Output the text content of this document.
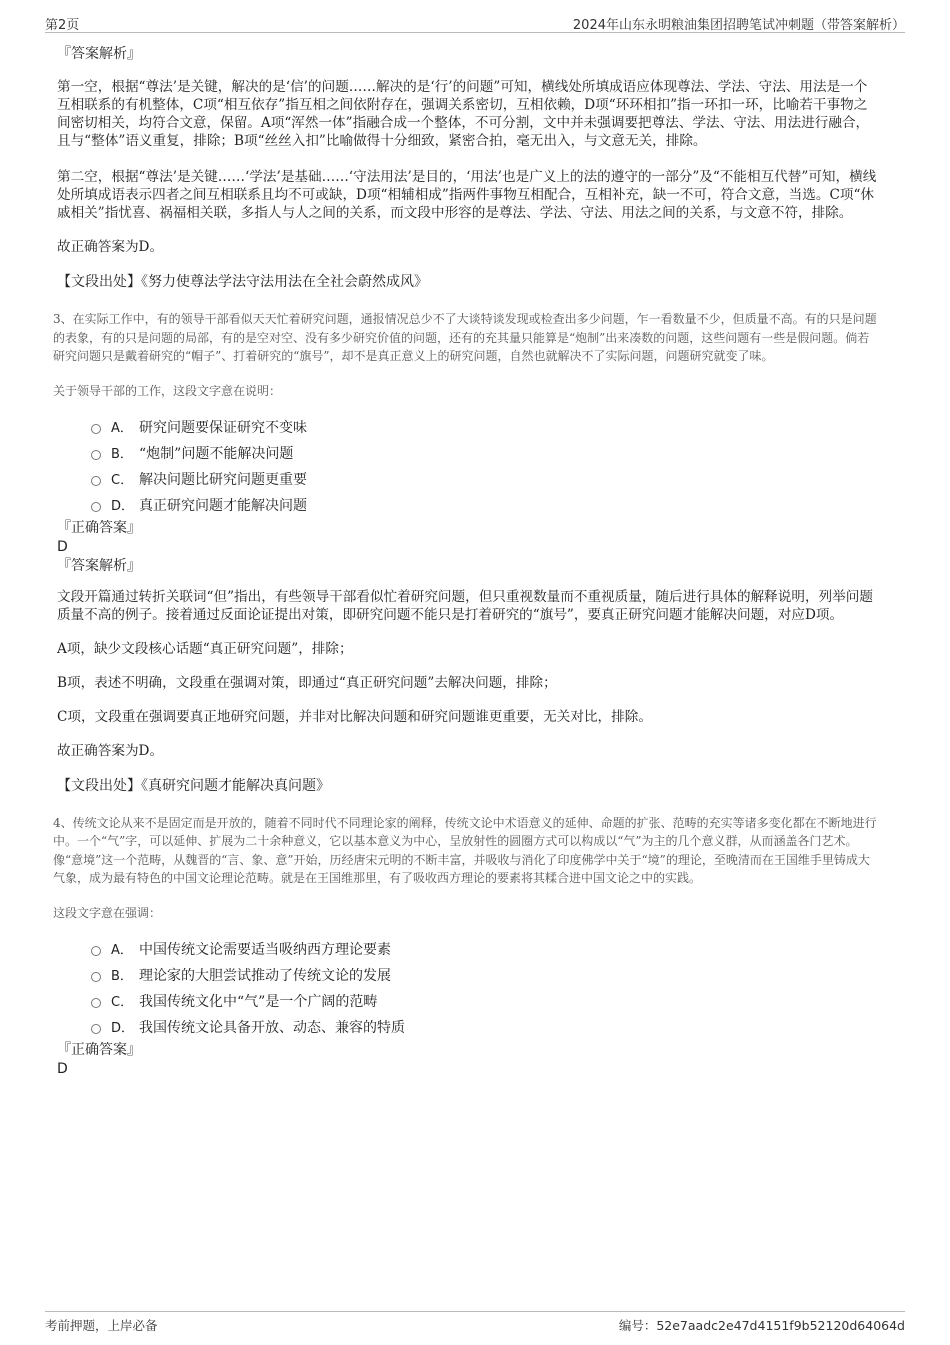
第2页	2024年山东永明粮油集团招聘笔试冲刺题（带答案解析）

『答案解析』

第一空，根据“尊法’是关键，解决的是‘信’的问题……解决的是‘行’的问题”可知，横线处所填成语应体现尊法、学法、守法、用法是一个互相联系的有机整体，C项“相互依存”指互相之间依附存在，强调关系密切，互相依赖，D项“环环相扣”指一环扣一环，比喻若干事物之间密切相关，均符合文意，保留。A项“浑然一体”指融合成一个整体，不可分割，文中并未强调要把尊法、学法、守法、用法进行融合，且与“整体”语义重复，排除；B项“丝丝入扣”比喻做得十分细致，紧密合拍，毫无出入，与文意无关，排除。

第二空，根据“尊法’是关键……‘学法’是基础……‘守法用法’是目的，‘用法’也是广义上的法的遵守的一部分”及“不能相互代替”可知，横线处所填成语表示四者之间互相联系且均不可或缺，D项“相辅相成”指两件事物互相配合，互相补充，缺一不可，符合文意，当选。C项“休戚相关”指忧喜、祸福相关联，多指人与人之间的关系，而文段中形容的是尊法、学法、守法、用法之间的关系，与文意不符，排除。

故正确答案为D。

【文段出处】《努力使尊法学法守法用法在全社会蔚然成风》

3、在实际工作中，有的领导干部看似天天忙着研究问题，通报情况总少不了大谈特谈发现或检查出多少问题，乍一看数量不少，但质量不高。有的只是问题的表象，有的只是问题的局部，有的是空对空、没有多少研究价值的问题，还有的充其量只能算是“炮制”出来凑数的问题，这些问题有一些是假问题。倘若研究问题只是戴着研究的“帽子”、打着研究的“旗号”，却不是真正意义上的研究问题，自然也就解决不了实际问题，问题研究就变了味。

关于领导干部的工作，这段文字意在说明：

A． 研究问题要保证研究不变味
B． “炮制”问题不能解决问题
C． 解决问题比研究问题更重要
D． 真正研究问题才能解决问题

『正确答案』

D

『答案解析』

文段开篇通过转折关联词“但”指出，有些领导干部看似忙着研究问题，但只重视数量而不重视质量，随后进行具体的解释说明，列举问题质量不高的例子。接着通过反面论证提出对策，即研究问题不能只是打着研究的“旗号”，要真正研究问题才能解决问题，对应D项。

A项，缺少文段核心话题“真正研究问题”，排除；

B项，表述不明确，文段重在强调对策，即通过“真正研究问题”去解决问题，排除；

C项，文段重在强调要真正地研究问题，并非对比解决问题和研究问题谁更重要，无关对比，排除。

故正确答案为D。

【文段出处】《真研究问题才能解决真问题》

4、传统文论从来不是固定而是开放的，随着不同时代不同理论家的阐释，传统文论中术语意义的延伸、命题的扩张、范畴的充实等诸多变化都在不断地进行中。一个“气”字，可以延伸、扩展为二十余种意义，它以基本意义为中心，呈放射性的圆圈方式可以构成以“气”为主的几个意义群，从而涵盖各门艺术。像“意境”这一个范畴，从魏晋的“言、象、意”开始，历经唐宋元明的不断丰富，并吸收与消化了印度佛学中关于“境”的理论，至晚清而在王国维手里铸成大气象，成为最有特色的中国文论理论范畴。就是在王国维那里，有了吸收西方理论的要素将其糅合进中国文论之中的实践。

这段文字意在强调：

A． 中国传统文论需要适当吸纳西方理论要素
B． 理论家的大胆尝试推动了传统文论的发展
C． 我国传统文化中“气”是一个广阔的范畴
D． 我国传统文论具备开放、动态、兼容的特质

『正确答案』

D

考前押题，上岸必备	编号：52e7aadc2e47d4151f9b52120d64064d
